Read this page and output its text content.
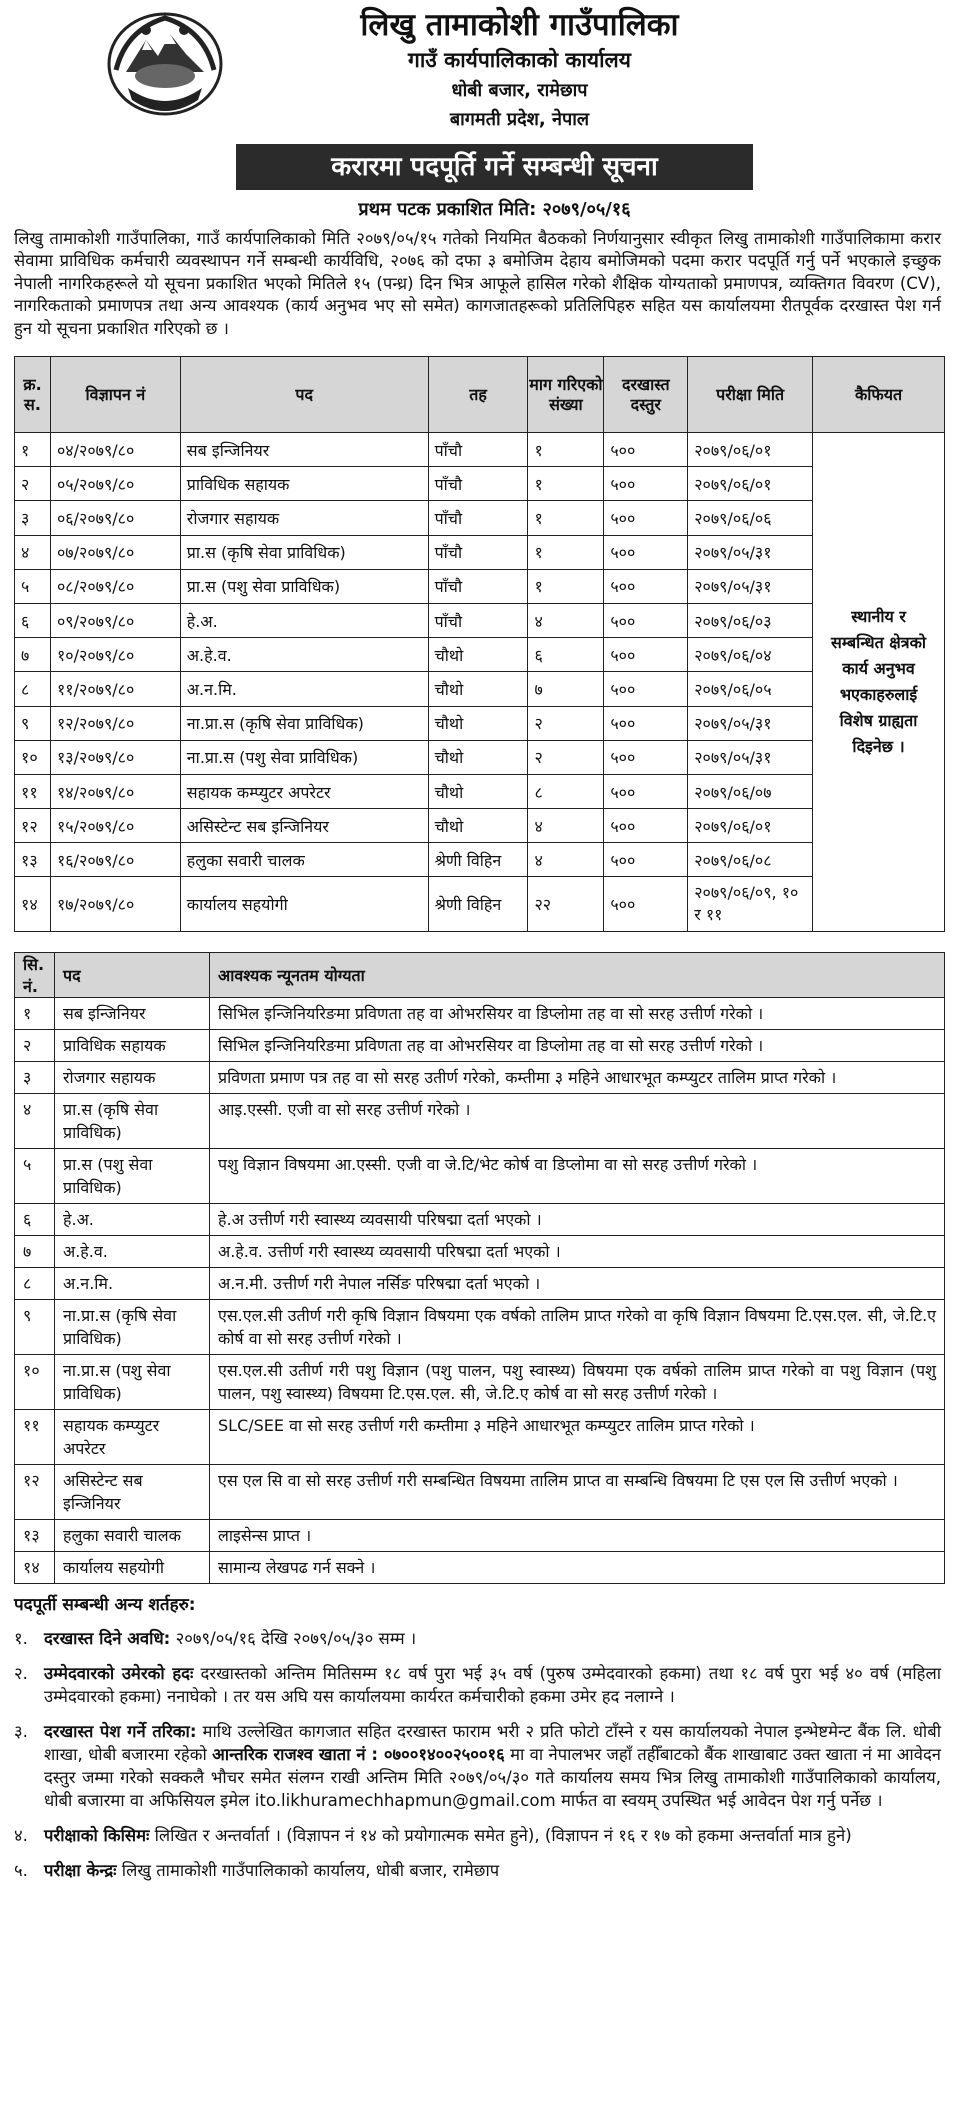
लिखु तामाकोशी गाउँपालिका
गाउँ कार्यपालिकाको कार्यालय
धोबी बजार, रामेछाप
बागमती प्रदेश, नेपाल
करारमा पदपूर्ति गर्ने सम्बन्धी सूचना
प्रथम पटक प्रकाशित मिति: २०७९/०५/१६

लिखु तामाकोशी गाउँपालिका, गाउँ कार्यपालिकाको मिति २०७९/०५/१५ गतेको नियमित बैठकको निर्णयानुसार स्वीकृत लिखु तामाकोशी गाउँपालिकामा करार सेवामा प्राविधिक कर्मचारी व्यवस्थापन गर्ने सम्बन्धी कार्यविधि, २०७६ को दफा ३ बमोजिम देहाय बमोजिमको पदमा करार पदपूर्ति गर्नु पर्ने भएकाले इच्छुक नेपाली नागरिकहरूले यो सूचना प्रकाशित भएको मितिले १५ (पन्ध्र) दिन भित्र आफूले हासिल गरेको शैक्षिक योग्यताको प्रमाणपत्र, व्यक्तिगत विवरण (CV), नागरिकताको प्रमाणपत्र तथा अन्य आवश्यक (कार्य अनुभव भए सो समेत) कागजातहरूको प्रतिलिपिहरु सहित यस कार्यालयमा रीतपूर्वक दरखास्त पेश गर्न हुन यो सूचना प्रकाशित गरिएको छ ।

क्र. स.	विज्ञापन नं	पद	तह	माग गरिएको संख्या	दरखास्त दस्तुर	परीक्षा मिति	कैफियत
१	०४/२०७९/८०	सब इन्जिनियर	पाँचौ	१	५००	२०७९/०६/०१	स्थानीय र सम्बन्धित क्षेत्रको कार्य अनुभव भएकाहरुलाई विशेष ग्राह्यता दिइनेछ ।
२	०५/२०७९/८०	प्राविधिक सहायक	पाँचौ	१	५००	२०७९/०६/०१	
३	०६/२०७९/८०	रोजगार सहायक	पाँचौ	१	५००	२०७९/०६/०६	
४	०७/२०७९/८०	प्रा.स (कृषि सेवा प्राविधिक)	पाँचौ	१	५००	२०७९/०५/३१	
५	०८/२०७९/८०	प्रा.स (पशु सेवा प्राविधिक)	पाँचौ	१	५००	२०७९/०५/३१	
६	०९/२०७९/८०	हे.अ.	पाँचौ	४	५००	२०७९/०६/०३	
७	१०/२०७९/८०	अ.हे.व.	चौथो	६	५००	२०७९/०६/०४	
८	११/२०७९/८०	अ.न.मि.	चौथो	७	५००	२०७९/०६/०५	
९	१२/२०७९/८०	ना.प्रा.स (कृषि सेवा प्राविधिक)	चौथो	२	५००	२०७९/०५/३१	
१०	१३/२०७९/८०	ना.प्रा.स (पशु सेवा प्राविधिक)	चौथो	२	५००	२०७९/०५/३१	
११	१४/२०७९/८०	सहायक कम्प्युटर अपरेटर	चौथो	८	५००	२०७९/०६/०७	
१२	१५/२०७९/८०	असिस्टेन्ट सब इन्जिनियर	चौथो	४	५००	२०७९/०६/०१	
१३	१६/२०७९/८०	हलुका सवारी चालक	श्रेणी विहिन	४	५००	२०७९/०६/०८	
१४	१७/२०७९/८०	कार्यालय सहयोगी	श्रेणी विहिन	२२	५००	२०७९/०६/०९, १० र ११	
सि. नं.	पद	आवश्यक न्यूनतम योग्यता
१	सब इन्जिनियर	सिभिल इन्जिनियरिङमा प्रविणता तह वा ओभरसियर वा डिप्लोमा तह वा सो सरह उत्तीर्ण गरेको ।
२	प्राविधिक सहायक	सिभिल इन्जिनियरिङमा प्रविणता तह वा ओभरसियर वा डिप्लोमा तह वा सो सरह उत्तीर्ण गरेको ।
३	रोजगार सहायक	प्रविणता प्रमाण पत्र तह वा सो सरह उतीर्ण गरेको, कम्तीमा ३ महिने आधारभूत कम्प्युटर तालिम प्राप्त गरेको ।
४	प्रा.स (कृषि सेवा प्राविधिक)	आइ.एस्सी. एजी वा सो सरह उत्तीर्ण गरेको ।
५	प्रा.स (पशु सेवा प्राविधिक)	पशु विज्ञान विषयमा आ.एस्सी. एजी वा जे.टि/भेट कोर्ष वा डिप्लोमा वा सो सरह उत्तीर्ण गरेको ।
६	हे.अ.	हे.अ उत्तीर्ण गरी स्वास्थ्य व्यवसायी परिषद्मा दर्ता भएको ।
७	अ.हे.व.	अ.हे.व. उत्तीर्ण गरी स्वास्थ्य व्यवसायी परिषद्मा दर्ता भएको ।
८	अ.न.मि.	अ.न.मी. उत्तीर्ण गरी नेपाल नर्सिङ परिषद्मा दर्ता भएको ।
९	ना.प्रा.स (कृषि सेवा प्राविधिक)	एस.एल.सी उतीर्ण गरी कृषि विज्ञान विषयमा एक वर्षको तालिम प्राप्त गरेको वा कृषि विज्ञान विषयमा टि.एस.एल. सी, जे.टि.ए कोर्ष वा सो सरह उत्तीर्ण गरेको ।
१०	ना.प्रा.स (पशु सेवा प्राविधिक)	एस.एल.सी उतीर्ण गरी पशु विज्ञान (पशु पालन, पशु स्वास्थ्य) विषयमा एक वर्षको तालिम प्राप्त गरेको वा पशु विज्ञान (पशु पालन, पशु स्वास्थ्य) विषयमा टि.एस.एल. सी, जे.टि.ए कोर्ष वा सो सरह उत्तीर्ण गरेको ।
११	सहायक कम्प्युटर अपरेटर	SLC/SEE वा सो सरह उत्तीर्ण गरी कम्तीमा ३ महिने आधारभूत कम्प्युटर तालिम प्राप्त गरेको ।
१२	असिस्टेन्ट सब इन्जिनियर	एस एल सि वा सो सरह उत्तीर्ण गरी सम्बन्धित विषयमा तालिम प्राप्त वा सम्बन्धि विषयमा टि एस एल सि उत्तीर्ण भएको ।
१३	हलुका सवारी चालक	लाइसेन्स प्राप्त ।
१४	कार्यालय सहयोगी	सामान्य लेखपढ गर्न सक्ने ।
पदपूर्ती सम्बन्धी अन्य शर्तहरु:
१. दरखास्त दिने अवधि: २०७९/०५/१६ देखि २०७९/०५/३० सम्म ।
२. उम्मेदवारको उमेरको हदः दरखास्तको अन्तिम मितिसम्म १८ वर्ष पुरा भई ३५ वर्ष (पुरुष उम्मेदवारको हकमा) तथा १८ वर्ष पुरा भई ४० वर्ष (महिला उम्मेदवारको हकमा) ननाघेको । तर यस अघि यस कार्यालयमा कार्यरत कर्मचारीको हकमा उमेर हद नलाग्ने ।
३. दरखास्त पेश गर्ने तरिका: माथि उल्लेखित कागजात सहित दरखास्त फाराम भरी २ प्रति फोटो टाँस्ने र यस कार्यालयको नेपाल इन्भेष्टमेन्ट बैंक लि. धोबी शाखा, धोबी बजारमा रहेको आन्तरिक राजश्व खाता नं : ०७००१४००२५००१६ मा वा नेपालभर जहाँ तहीँबाटको बैंक शाखाबाट उक्त खाता नं मा आवेदन दस्तुर जम्मा गरेको सक्कलै भौचर समेत संलग्न राखी अन्तिम मिति २०७९/०५/३० गते कार्यालय समय भित्र लिखु तामाकोशी गाउँपालिकाको कार्यालय, धोबी बजारमा वा अफिसियल इमेल ito.likhuramechhapmun@gmail.com मार्फत वा स्वयम् उपस्थित भई आवेदन पेश गर्नु पर्नेछ ।
४. परीक्षाको किसिमः लिखित र अन्तर्वार्ता । (विज्ञापन नं १४ को प्रयोगात्मक समेत हुने), (विज्ञापन नं १६ र १७ को हकमा अन्तर्वार्ता मात्र हुने)
५. परीक्षा केन्द्रः लिखु तामाकोशी गाउँपालिकाको कार्यालय, धोबी बजार, रामेछाप
